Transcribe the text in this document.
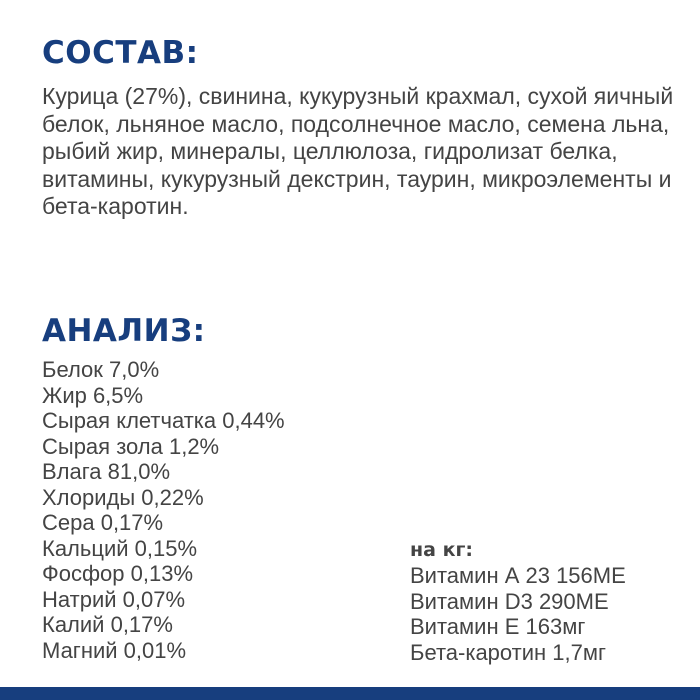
СОСТАВ:

Курица (27%), свинина, кукурузный крахмал, сухой яичный белок, льняное масло, подсолнечное масло, семена льна, рыбий жир, минералы, целлюлоза, гидролизат белка, витамины, кукурузный декстрин, таурин, микроэлементы и бета-каротин.

АНАЛИЗ:
Белок 7,0%
Жир 6,5%
Сырая клетчатка 0,44%
Сырая зола 1,2%
Влага 81,0%
Хлориды 0,22%
Сера 0,17%
Кальций 0,15%
Фосфор 0,13%
Натрий 0,07%
Калий 0,17%
Магний 0,01%
на кг:
Витамин А 23 156МЕ
Витамин D3 290МЕ
Витамин Е 163мг
Бета-каротин 1,7мг
